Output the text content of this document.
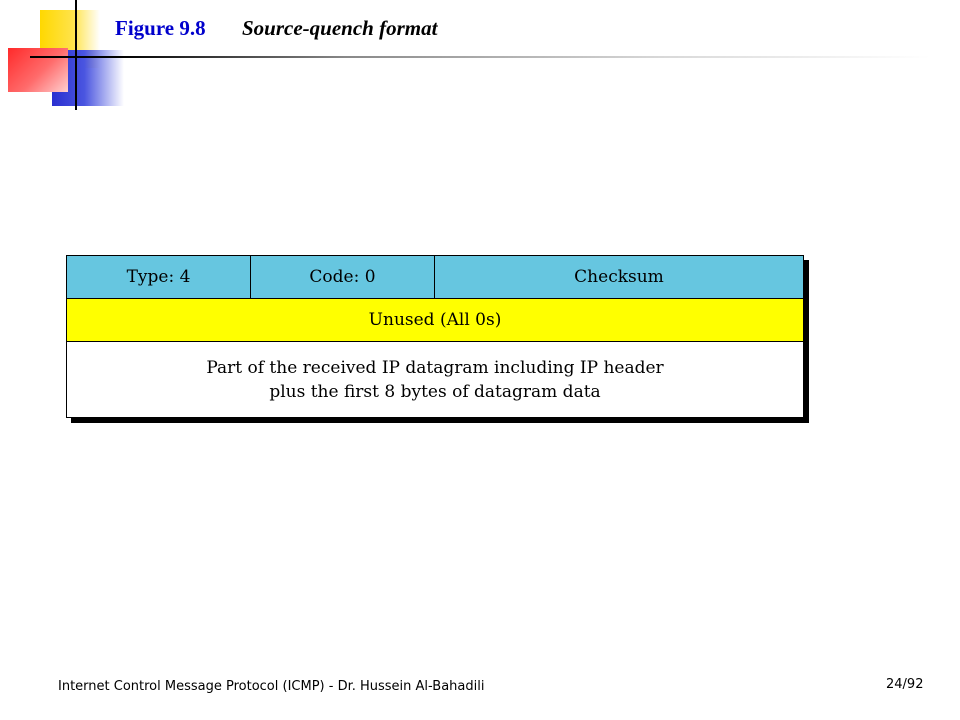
Figure 9.8 Source-quench format
Type: 4	Code: 0	Checksum
Unused (All 0s)
Part of the received IP datagram including IP header
plus the first 8 bytes of datagram data
Internet Control Message Protocol (ICMP) - Dr. Hussein Al-Bahadili	24/92
